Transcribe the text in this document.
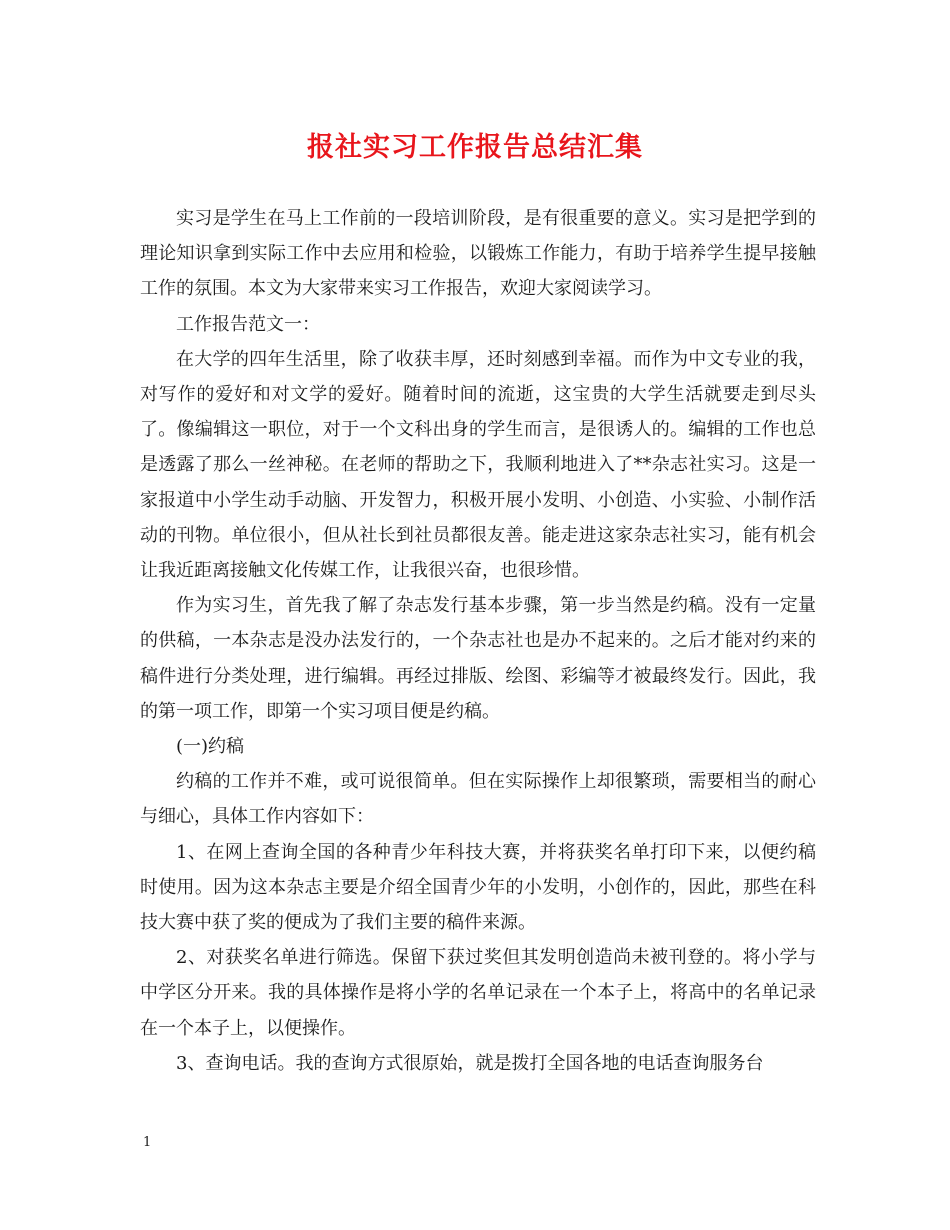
报社实习工作报告总结汇集

实习是学生在马上工作前的一段培训阶段，是有很重要的意义。实习是把学到的理论知识拿到实际工作中去应用和检验，以锻炼工作能力，有助于培养学生提早接触工作的氛围。本文为大家带来实习工作报告，欢迎大家阅读学习。

工作报告范文一：

在大学的四年生活里，除了收获丰厚，还时刻感到幸福。而作为中文专业的我，对写作的爱好和对文学的爱好。随着时间的流逝，这宝贵的大学生活就要走到尽头了。像编辑这一职位，对于一个文科出身的学生而言，是很诱人的。编辑的工作也总是透露了那么一丝神秘。在老师的帮助之下，我顺利地进入了**杂志社实习。这是一家报道中小学生动手动脑、开发智力，积极开展小发明、小创造、小实验、小制作活动的刊物。单位很小，但从社长到社员都很友善。能走进这家杂志社实习，能有机会让我近距离接触文化传媒工作，让我很兴奋，也很珍惜。

作为实习生，首先我了解了杂志发行基本步骤，第一步当然是约稿。没有一定量的供稿，一本杂志是没办法发行的，一个杂志社也是办不起来的。之后才能对约来的稿件进行分类处理，进行编辑。再经过排版、绘图、彩编等才被最终发行。因此，我的第一项工作，即第一个实习项目便是约稿。

(一)约稿

约稿的工作并不难，或可说很简单。但在实际操作上却很繁琐，需要相当的耐心与细心，具体工作内容如下：

1、在网上查询全国的各种青少年科技大赛，并将获奖名单打印下来，以便约稿时使用。因为这本杂志主要是介绍全国青少年的小发明，小创作的，因此，那些在科技大赛中获了奖的便成为了我们主要的稿件来源。

2、对获奖名单进行筛选。保留下获过奖但其发明创造尚未被刊登的。将小学与中学区分开来。我的具体操作是将小学的名单记录在一个本子上，将高中的名单记录在一个本子上，以便操作。

3、查询电话。我的查询方式很原始，就是拨打全国各地的电话查询服务台

1
